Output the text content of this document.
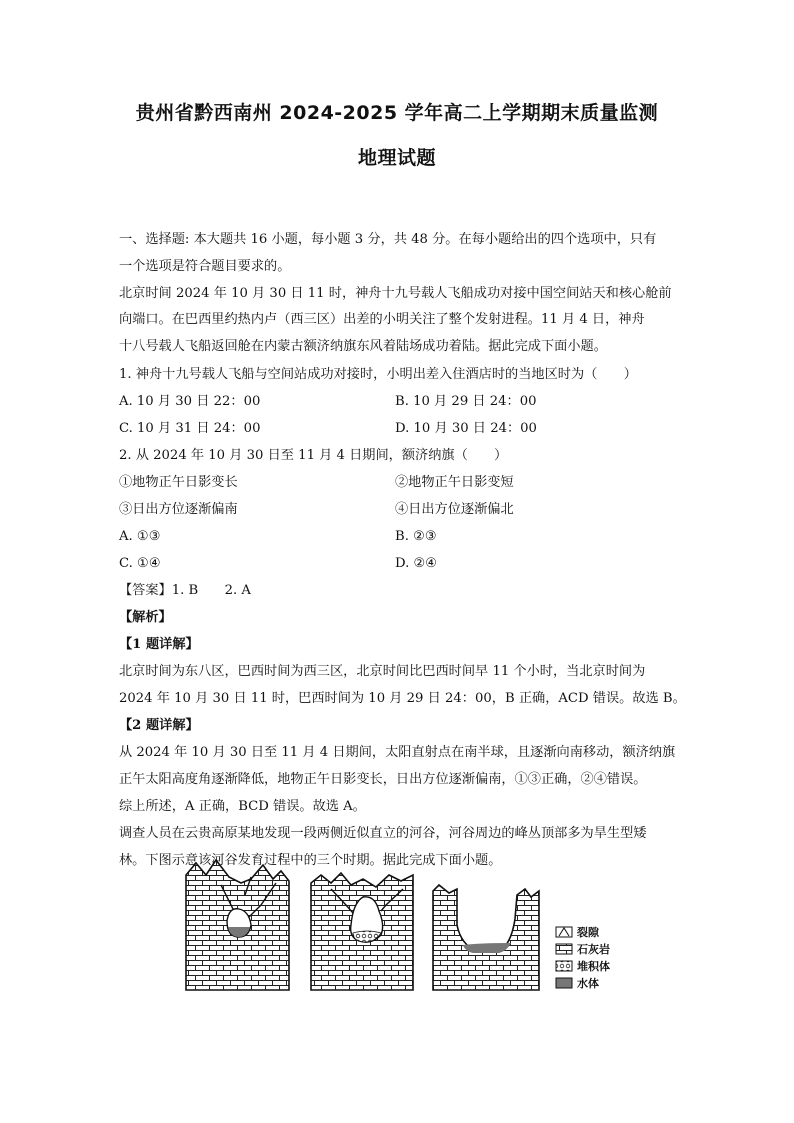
贵州省黔西南州 2024-2025 学年高二上学期期末质量监测
地理试题
一、选择题: 本大题共 16 小题，每小题 3 分，共 48 分。在每小题给出的四个选项中，只有
一个选项是符合题目要求的。
北京时间 2024 年 10 月 30 日 11 时，神舟十九号载人飞船成功对接中国空间站天和核心舱前
向端口。在巴西里约热内卢（西三区）出差的小明关注了整个发射进程。11 月 4 日，神舟
十八号载人飞船返回舱在内蒙古额济纳旗东风着陆场成功着陆。据此完成下面小题。
1. 神舟十九号载人飞船与空间站成功对接时，小明出差入住酒店时的当地区时为（　　）
A. 10 月 30 日 22：00	B. 10 月 29 日 24：00
C. 10 月 31 日 24：00	D. 10 月 30 日 24：00
2. 从 2024 年 10 月 30 日至 11 月 4 日期间，额济纳旗（　　）
①地物正午日影变长	②地物正午日影变短
③日出方位逐渐偏南	④日出方位逐渐偏北
A. ①③	B. ②③
C. ①④	D. ②④
【答案】1. B　　2. A
【解析】
【1 题详解】
北京时间为东八区，巴西时间为西三区，北京时间比巴西时间早 11 个小时，当北京时间为
2024 年 10 月 30 日 11 时，巴西时间为 10 月 29 日 24：00，B 正确，ACD 错误。故选 B。
【2 题详解】
从 2024 年 10 月 30 日至 11 月 4 日期间，太阳直射点在南半球，且逐渐向南移动，额济纳旗
正午太阳高度角逐渐降低，地物正午日影变长，日出方位逐渐偏南，①③正确，②④错误。
综上所述，A 正确，BCD 错误。故选 A。
调查人员在云贵高原某地发现一段两侧近似直立的河谷，河谷周边的峰丛顶部多为旱生型矮
林。下图示意该河谷发育过程中的三个时期。据此完成下面小题。
裂隙
石灰岩
堆积体
水体
